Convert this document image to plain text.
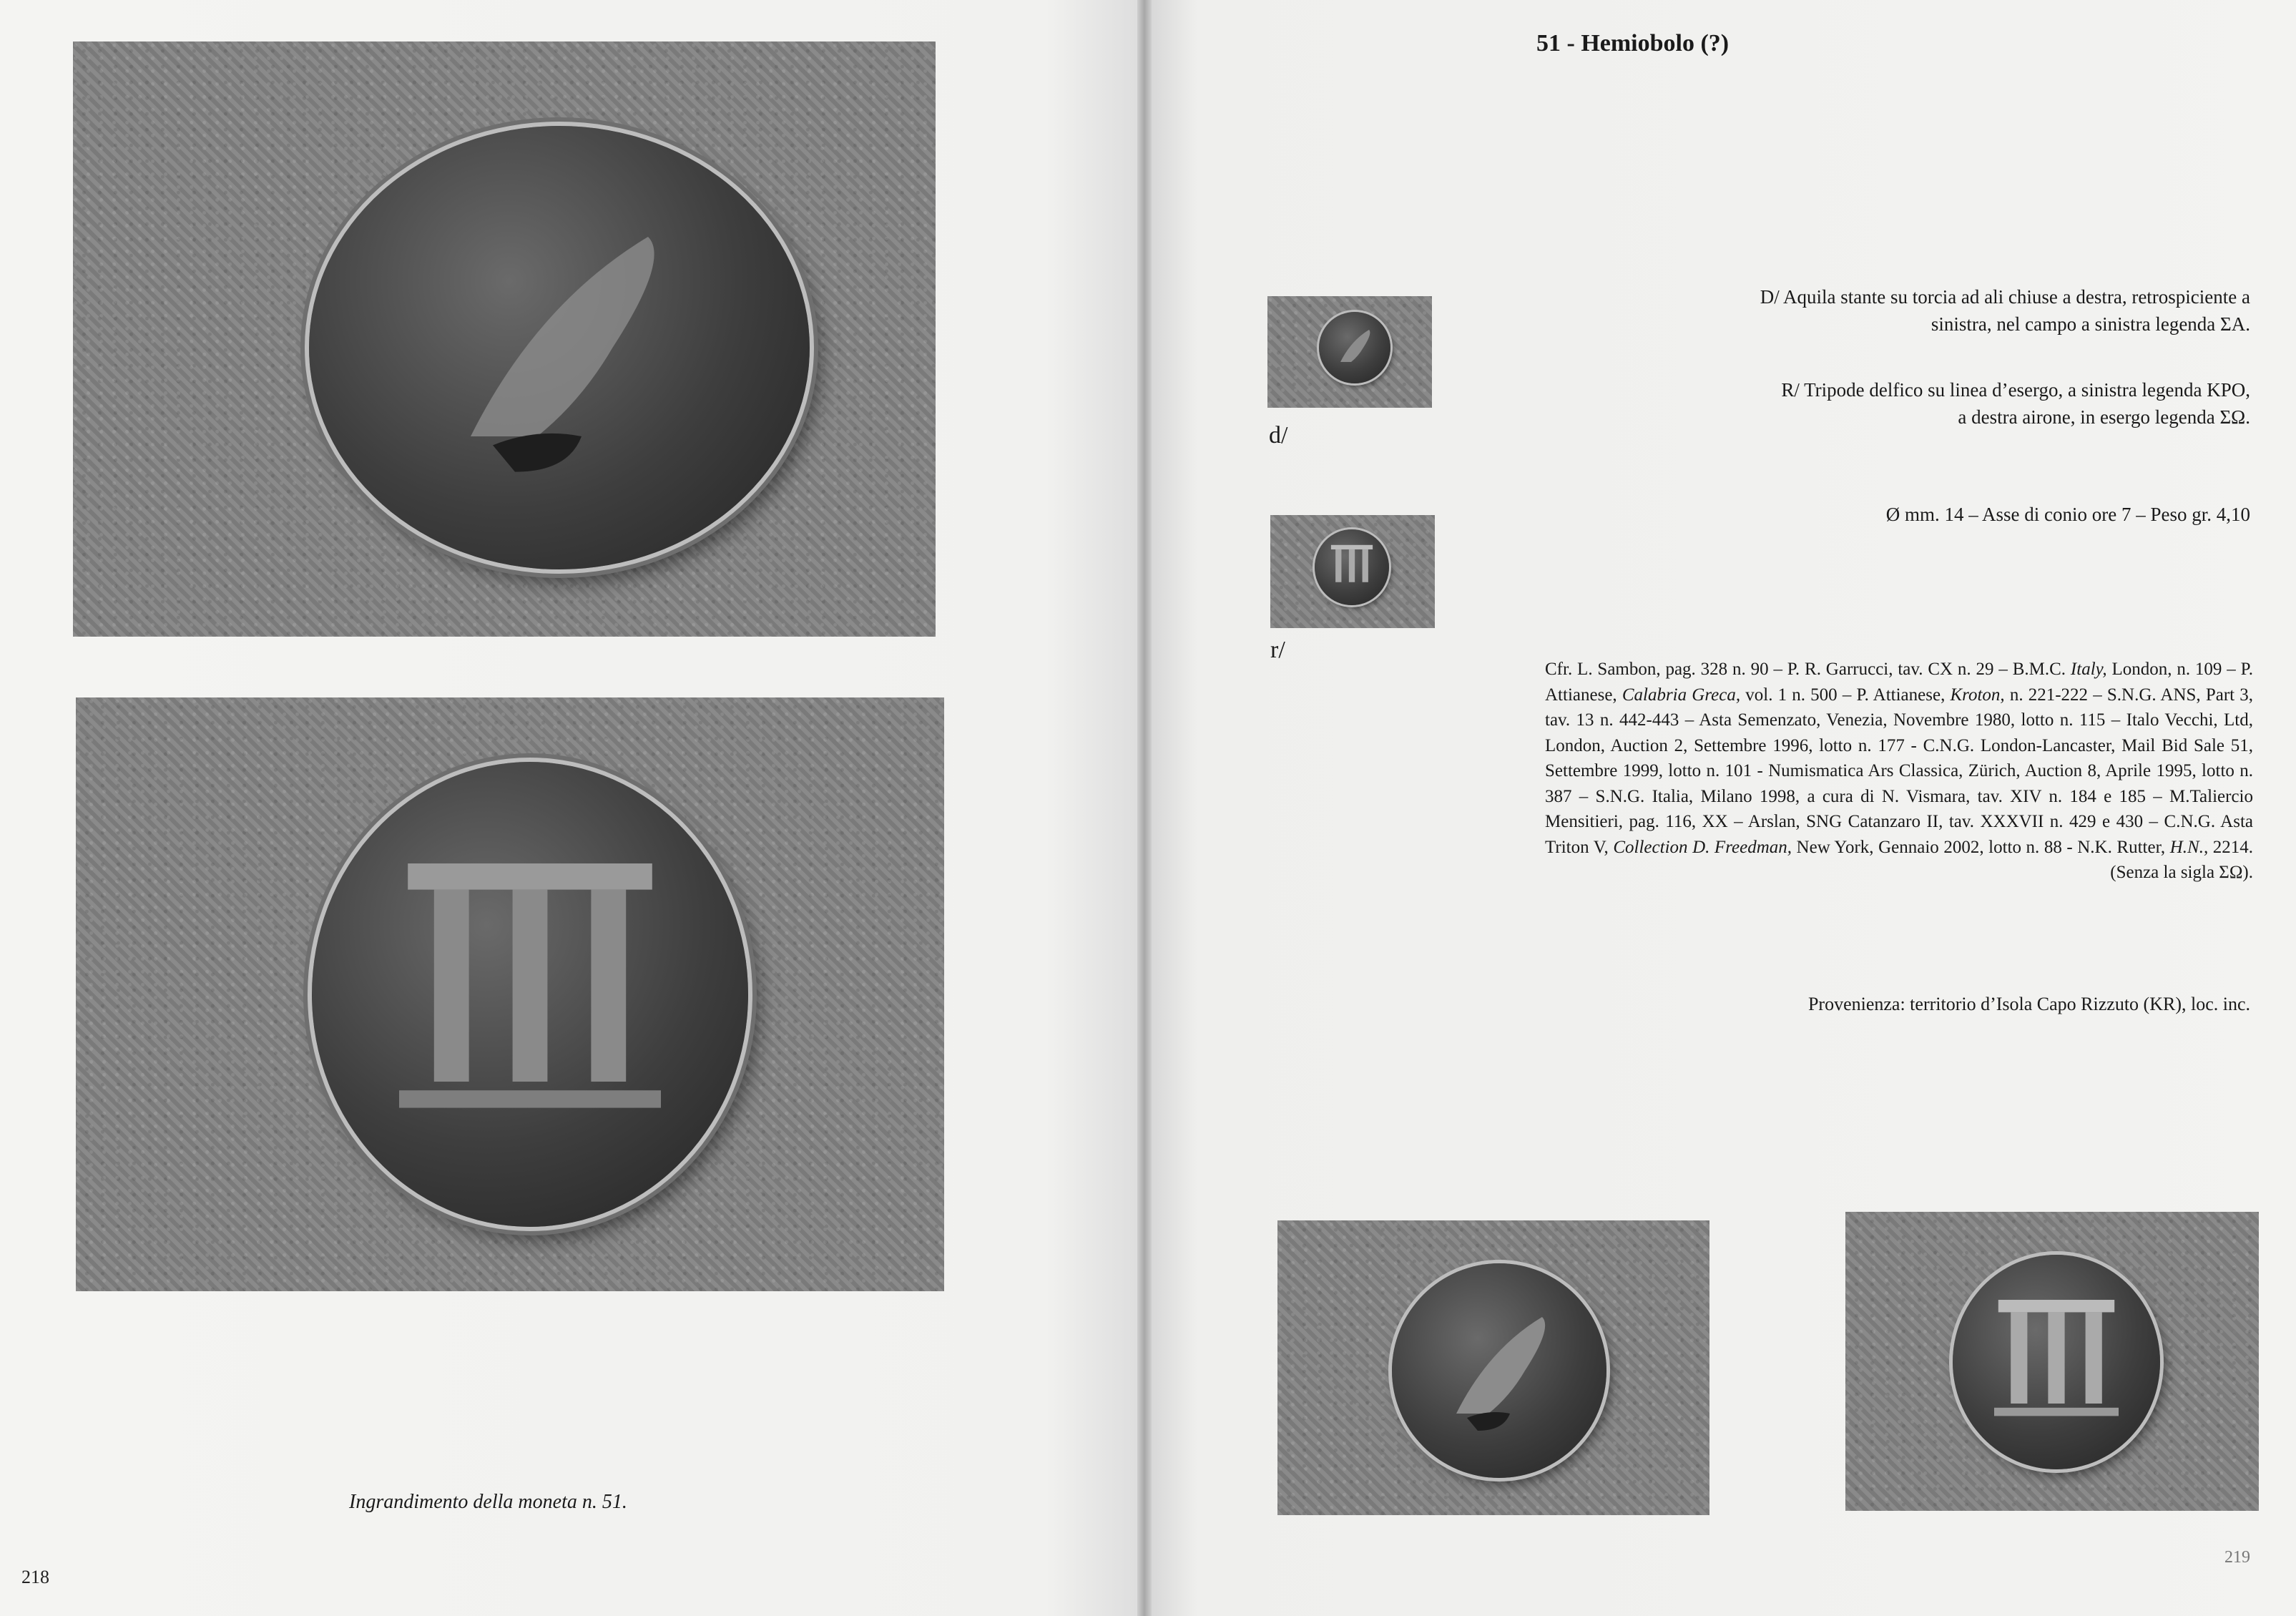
Ingrandimento della moneta n. 51.
218
51 - Hemiobolo (?)
d/
r/
D/ Aquila stante su torcia ad ali chiuse a destra, retrospiciente a
sinistra, nel campo a sinistra legenda ΣA.
R/ Tripode delfico su linea d’esergo, a sinistra legenda KPO,
a destra airone, in esergo legenda ΣΩ.
Ø mm. 14 – Asse di conio ore 7 – Peso gr. 4,10
Cfr. L. Sambon, pag. 328 n. 90 – P. R. Garrucci, tav. CX n. 29 – B.M.C. Italy, London, n. 109 – P. Attianese, Calabria Greca, vol. 1 n. 500 – P. Attianese, Kroton, n. 221-222 – S.N.G. ANS, Part 3, tav. 13 n. 442-443 – Asta Semenzato, Venezia, Novembre 1980, lotto n. 115 – Italo Vecchi, Ltd, London, Auction 2, Settembre 1996, lotto n. 177 - C.N.G. London-Lancaster, Mail Bid Sale 51, Settembre 1999, lotto n. 101 - Numismatica Ars Classica, Zürich, Auction 8, Aprile 1995, lotto n. 387 – S.N.G. Italia, Milano 1998, a cura di N. Vismara, tav. XIV n. 184 e 185 – M.Taliercio Mensitieri, pag. 116, XX – Arslan, SNG Catanzaro II, tav. XXXVII n. 429 e 430 – C.N.G. Asta Triton V, Collection D. Freedman, New York, Gennaio 2002, lotto n. 88 - N.K. Rutter, H.N., 2214. (Senza la sigla ΣΩ).
Provenienza: territorio d’Isola Capo Rizzuto (KR), loc. inc.
219
